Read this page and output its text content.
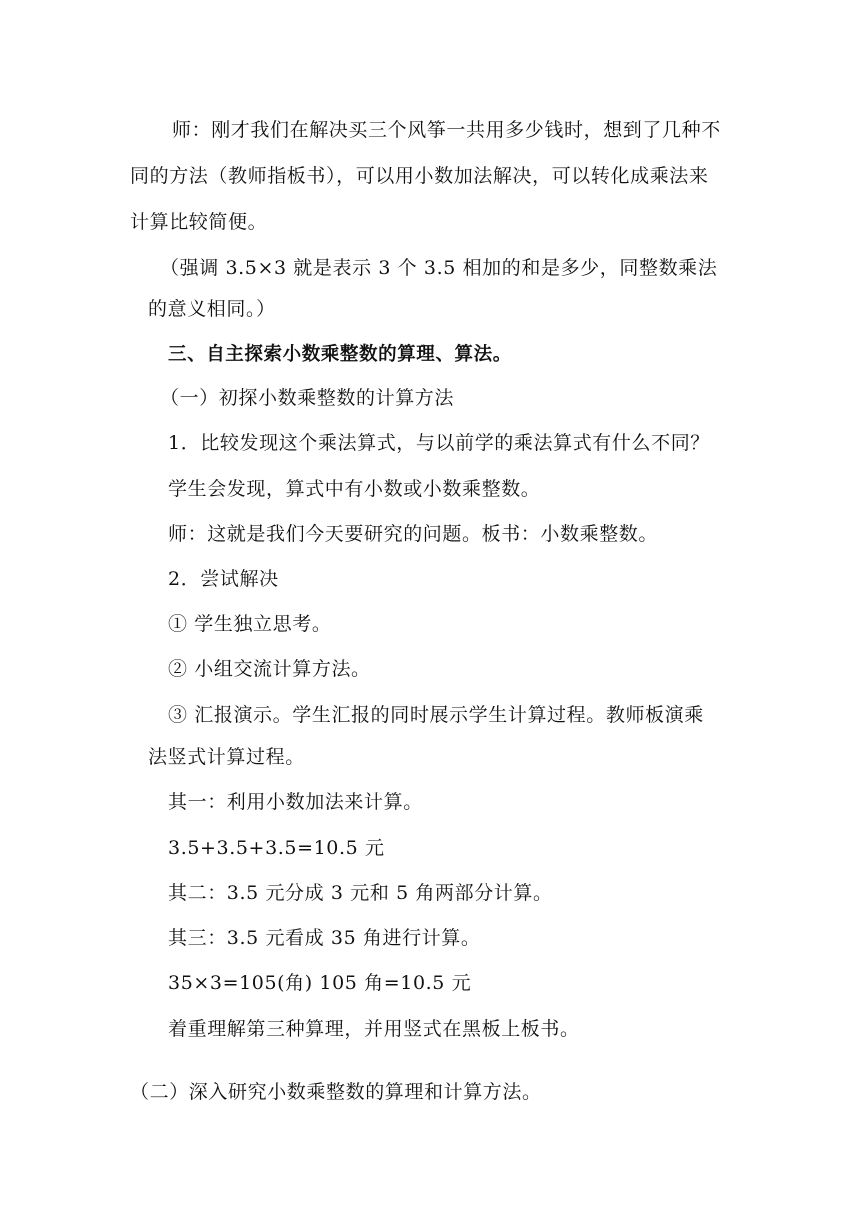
师：刚才我们在解决买三个风筝一共用多少钱时，想到了几种不
同的方法（教师指板书），可以用小数加法解决，可以转化成乘法来
计算比较简便。
（强调 3.5×3 就是表示 3 个 3.5 相加的和是多少，同整数乘法
的意义相同。）
三、自主探索小数乘整数的算理、算法。
（一）初探小数乘整数的计算方法
1．比较发现这个乘法算式，与以前学的乘法算式有什么不同？
学生会发现，算式中有小数或小数乘整数。
师：这就是我们今天要研究的问题。板书：小数乘整数。
2．尝试解决
① 学生独立思考。
② 小组交流计算方法。
③ 汇报演示。学生汇报的同时展示学生计算过程。教师板演乘
法竖式计算过程。
其一：利用小数加法来计算。
3.5+3.5+3.5=10.5 元
其二：3.5 元分成 3 元和 5 角两部分计算。
其三：3.5 元看成 35 角进行计算。
35×3=105(角) 105 角=10.5 元
着重理解第三种算理，并用竖式在黑板上板书。
（二）深入研究小数乘整数的算理和计算方法。
